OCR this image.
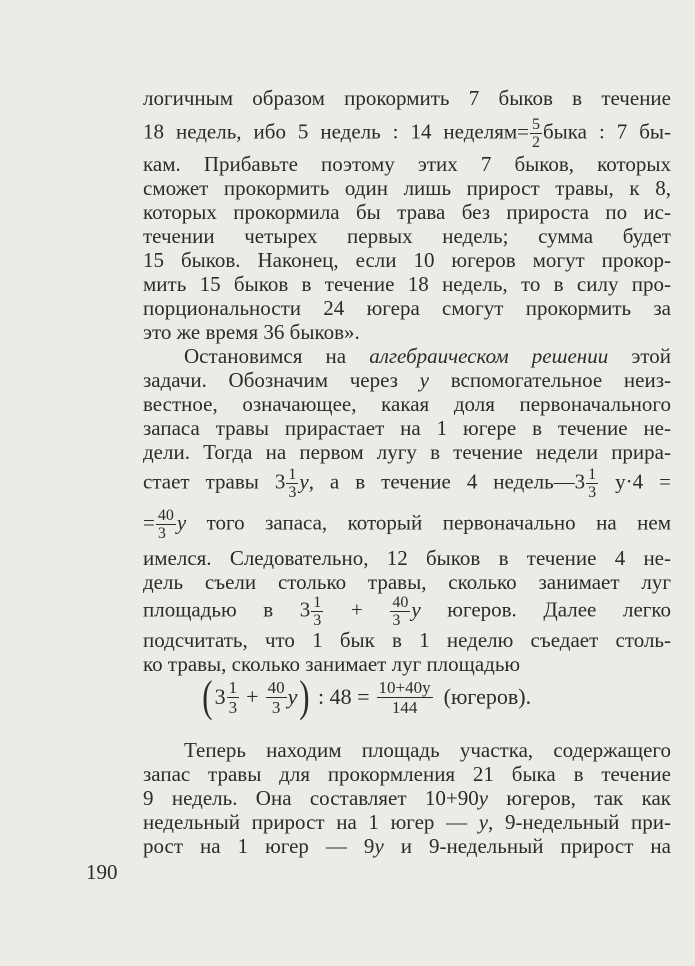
логичным образом прокормить 7 быков в течение
18 недель, ибо 5 недель : 14 неделям= $\frac{5}{2}$ быка : 7 бы-
кам. Прибавьте поэтому этих 7 быков, которых
сможет прокормить один лишь прирост травы, к 8,
которых прокормила бы трава без прироста по ис-
течении четырех первых недель; сумма будет
15 быков. Наконец, если 10 югеров могут прокор-
мить 15 быков в течение 18 недель, то в силу про-
порциональности 24 югера смогут прокормить за
это же время 36 быков».
Остановимся на алгебраическом решении этой
задачи. Обозначим через y вспомогательное неиз-
вестное, означающее, какая доля первоначального
запаса травы прирастает на 1 югере в течение не-
дели. Тогда на первом лугу в течение недели прира-
стает травы $3 \frac{1}{3} y$, а в течение 4 недель—3 $\frac{1}{3} y\cdot 4$ =
= $\frac{40}{3}$ y того запаса, который первоначально на нем
имелся. Следовательно, 12 быков в течение 4 не-
дель съели столько травы, сколько занимает луг
площадью в $3 \frac{1}{3} + \frac{40}{3}$ y югеров. Далее легко
подсчитать, что 1 бык в 1 неделю съедает столь-
ко травы, сколько занимает луг площадью
( $3 \frac{1}{3} + \frac{40}{3}$ y ) : $48 = \frac{10+40y}{144}$ (югеров).
Теперь находим площадь участка, содержащего
запас травы для прокормления 21 быка в течение
9 недель. Она составляет 10+90y югеров, так как
недельный прирост на 1 югер — y, 9-недельный при-
рост на 1 югер — 9y и 9-недельный прирост на
190
